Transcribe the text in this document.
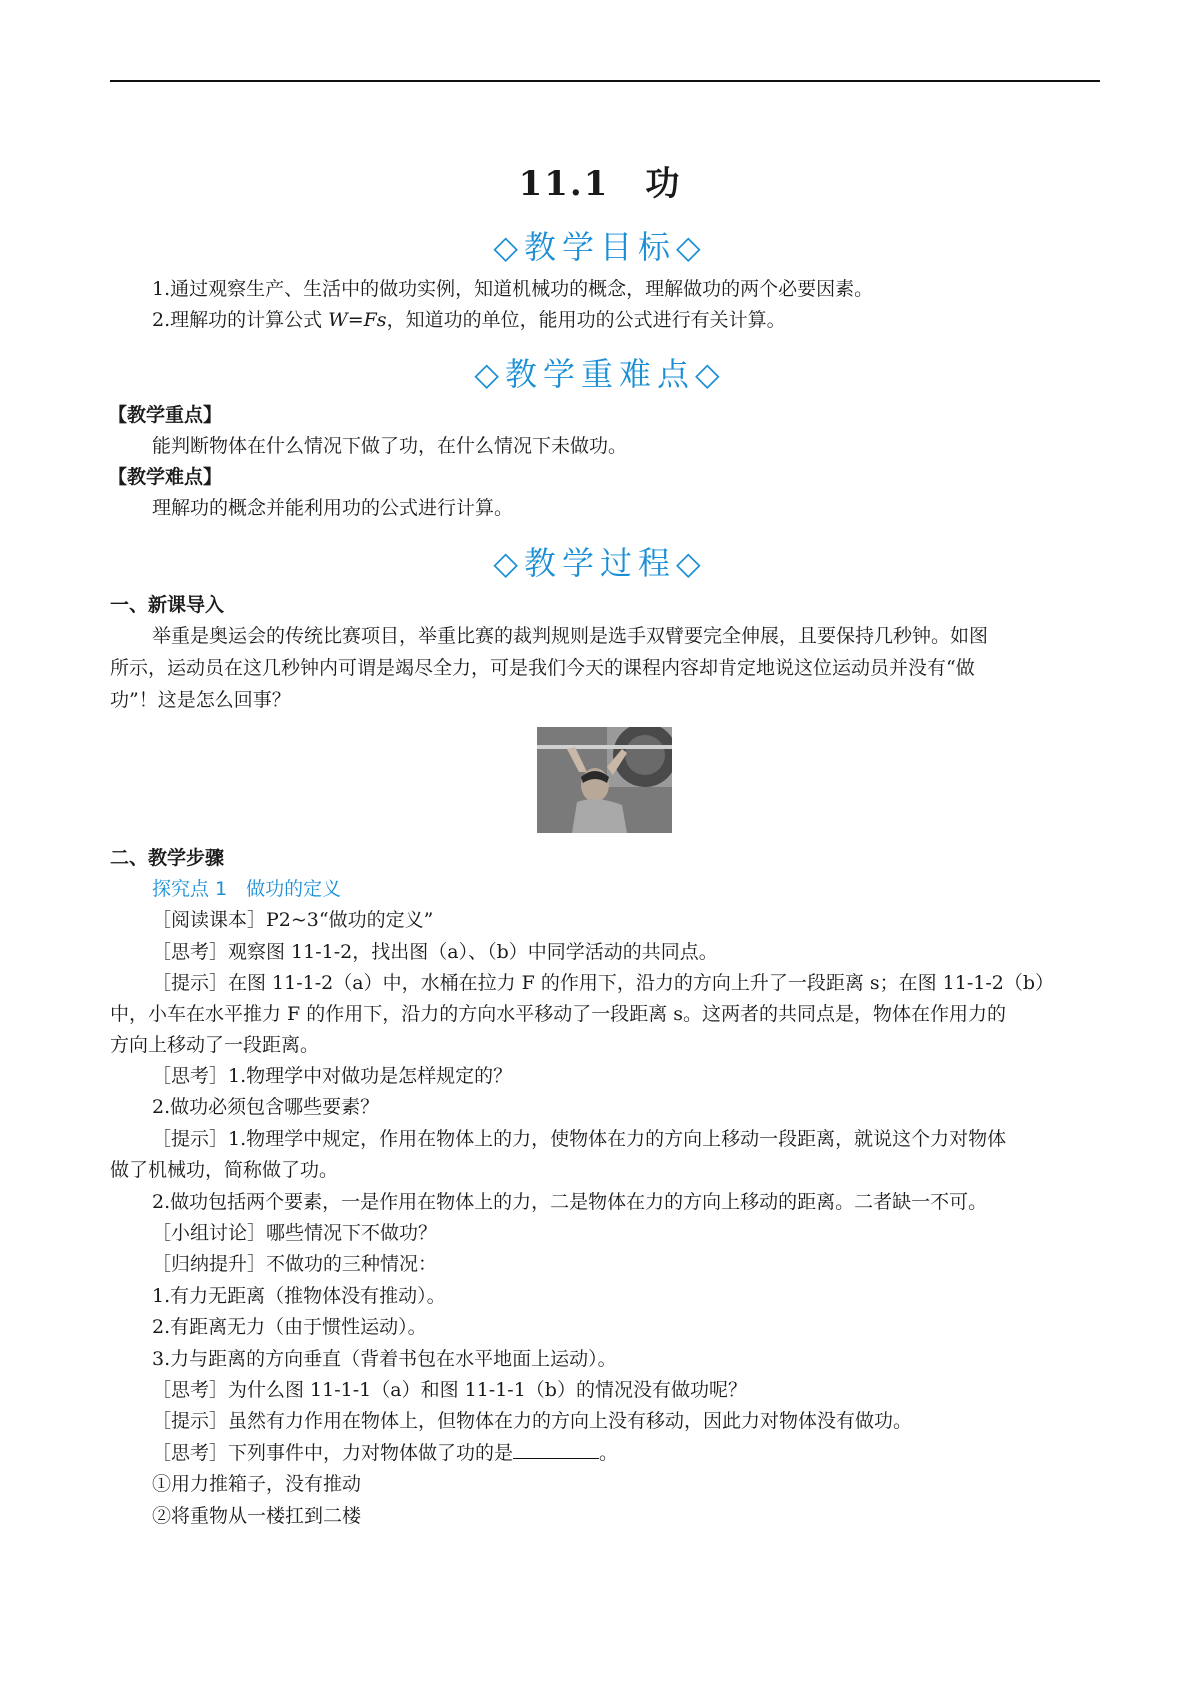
11.1 功
◇教学目标◇
1.通过观察生产、生活中的做功实例，知道机械功的概念，理解做功的两个必要因素。
2.理解功的计算公式 W=Fs，知道功的单位，能用功的公式进行有关计算。
◇教学重难点◇
【教学重点】
能判断物体在什么情况下做了功，在什么情况下未做功。
【教学难点】
理解功的概念并能利用功的公式进行计算。
◇教学过程◇
一、新课导入
举重是奥运会的传统比赛项目，举重比赛的裁判规则是选手双臂要完全伸展，且要保持几秒钟。如图
所示，运动员在这几秒钟内可谓是竭尽全力，可是我们今天的课程内容却肯定地说这位运动员并没有“做
功”！这是怎么回事？
二、教学步骤
探究点 1　做功的定义
［阅读课本］P2~3“做功的定义”
［思考］观察图 11-1-2，找出图（a）、（b）中同学活动的共同点。
［提示］在图 11-1-2（a）中，水桶在拉力 F 的作用下，沿力的方向上升了一段距离 s；在图 11-1-2（b）
中，小车在水平推力 F 的作用下，沿力的方向水平移动了一段距离 s。这两者的共同点是，物体在作用力的
方向上移动了一段距离。
［思考］1.物理学中对做功是怎样规定的？
2.做功必须包含哪些要素？
［提示］1.物理学中规定，作用在物体上的力，使物体在力的方向上移动一段距离，就说这个力对物体
做了机械功，简称做了功。
2.做功包括两个要素，一是作用在物体上的力，二是物体在力的方向上移动的距离。二者缺一不可。
［小组讨论］哪些情况下不做功？
［归纳提升］不做功的三种情况：
1.有力无距离（推物体没有推动）。
2.有距离无力（由于惯性运动）。
3.力与距离的方向垂直（背着书包在水平地面上运动）。
［思考］为什么图 11-1-1（a）和图 11-1-1（b）的情况没有做功呢？
［提示］虽然有力作用在物体上，但物体在力的方向上没有移动，因此力对物体没有做功。
［思考］下列事件中，力对物体做了功的是	。
①用力推箱子，没有推动
②将重物从一楼扛到二楼
